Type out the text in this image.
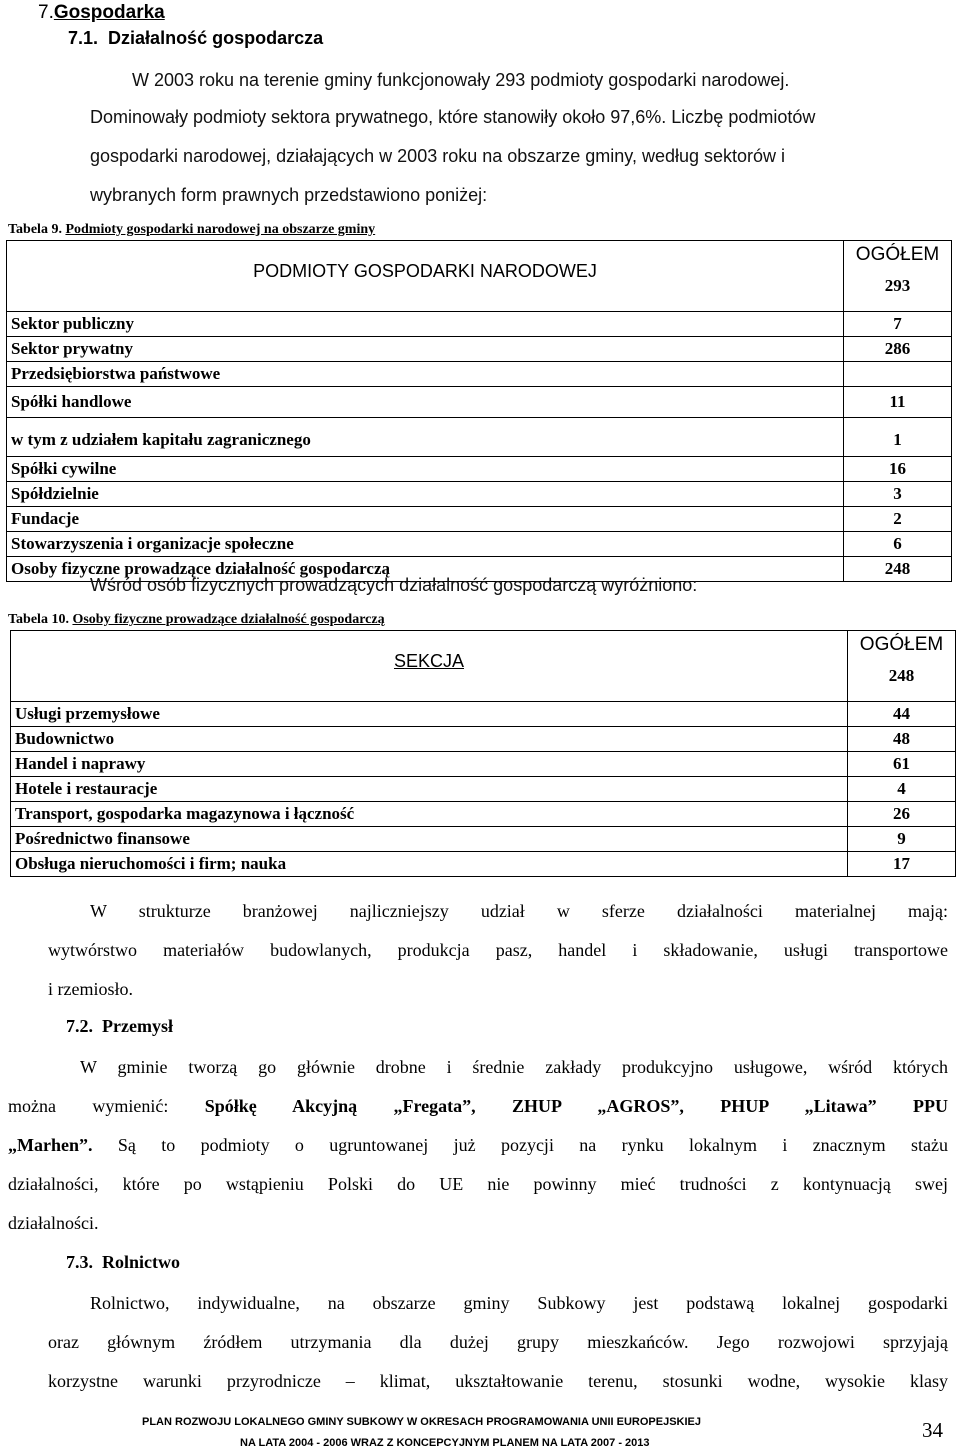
7.Gospodarka
7.1. Działalność gospodarcza
W 2003 roku na terenie gminy funkcjonowały 293 podmioty gospodarki narodowej.
Dominowały podmioty sektora prywatnego, które stanowiły około 97,6%. Liczbę podmiotów
gospodarki narodowej, działających w 2003 roku na obszarze gminy, według sektorów i
wybranych form prawnych przedstawiono poniżej:
Tabela 9. Podmioty gospodarki narodowej na obszarze gminy
PODMIOTY GOSPODARKI NARODOWEJ	OGÓŁEM
293

Sektor publiczny	7
Sektor prywatny	286
Przedsiębiorstwa państwowe	
Spółki handlowe	11
w tym z udziałem kapitału zagranicznego	1
Spółki cywilne	16
Spółdzielnie	3
Fundacje	2
Stowarzyszenia i organizacje społeczne	6
Osoby fizyczne prowadzące działalność gospodarczą	248
Wśród osób fizycznych prowadzących działalność gospodarczą wyróżniono:
Tabela 10. Osoby fizyczne prowadzące działalność gospodarczą
SEKCJA	OGÓŁEM
248

Usługi przemysłowe	44
Budownictwo	48
Handel i naprawy	61
Hotele i restauracje	4
Transport, gospodarka magazynowa i łączność	26
Pośrednictwo finansowe	9
Obsługa nieruchomości i firm; nauka	17
W strukturze branżowej najliczniejszy udział w sferze działalności materialnej mają:
wytwórstwo materiałów budowlanych, produkcja pasz, handel i składowanie, usługi transportowe
i rzemiosło.
7.2. Przemysł
W gminie tworzą go głównie drobne i średnie zakłady produkcyjno usługowe, wśród których
można wymienić: Spółkę Akcyjną „Fregata”, ZHUP „AGROS”, PHUP „Litawa” PPU
„Marhen”. Są to podmioty o ugruntowanej już pozycji na rynku lokalnym i znacznym stażu
działalności, które po wstąpieniu Polski do UE nie powinny mieć trudności z kontynuacją swej
działalności.
7.3. Rolnictwo
Rolnictwo, indywidualne, na obszarze gminy Subkowy jest podstawą lokalnej gospodarki
oraz głównym źródłem utrzymania dla dużej grupy mieszkańców. Jego rozwojowi sprzyjają
korzystne warunki przyrodnicze – klimat, ukształtowanie terenu, stosunki wodne, wysokie klasy
PLAN ROZWOJU LOKALNEGO GMINY SUBKOWY W OKRESACH PROGRAMOWANIA UNII EUROPEJSKIEJ
NA LATA 2004 - 2006 WRAZ Z KONCEPCYJNYM PLANEM NA LATA 2007 - 2013
34
